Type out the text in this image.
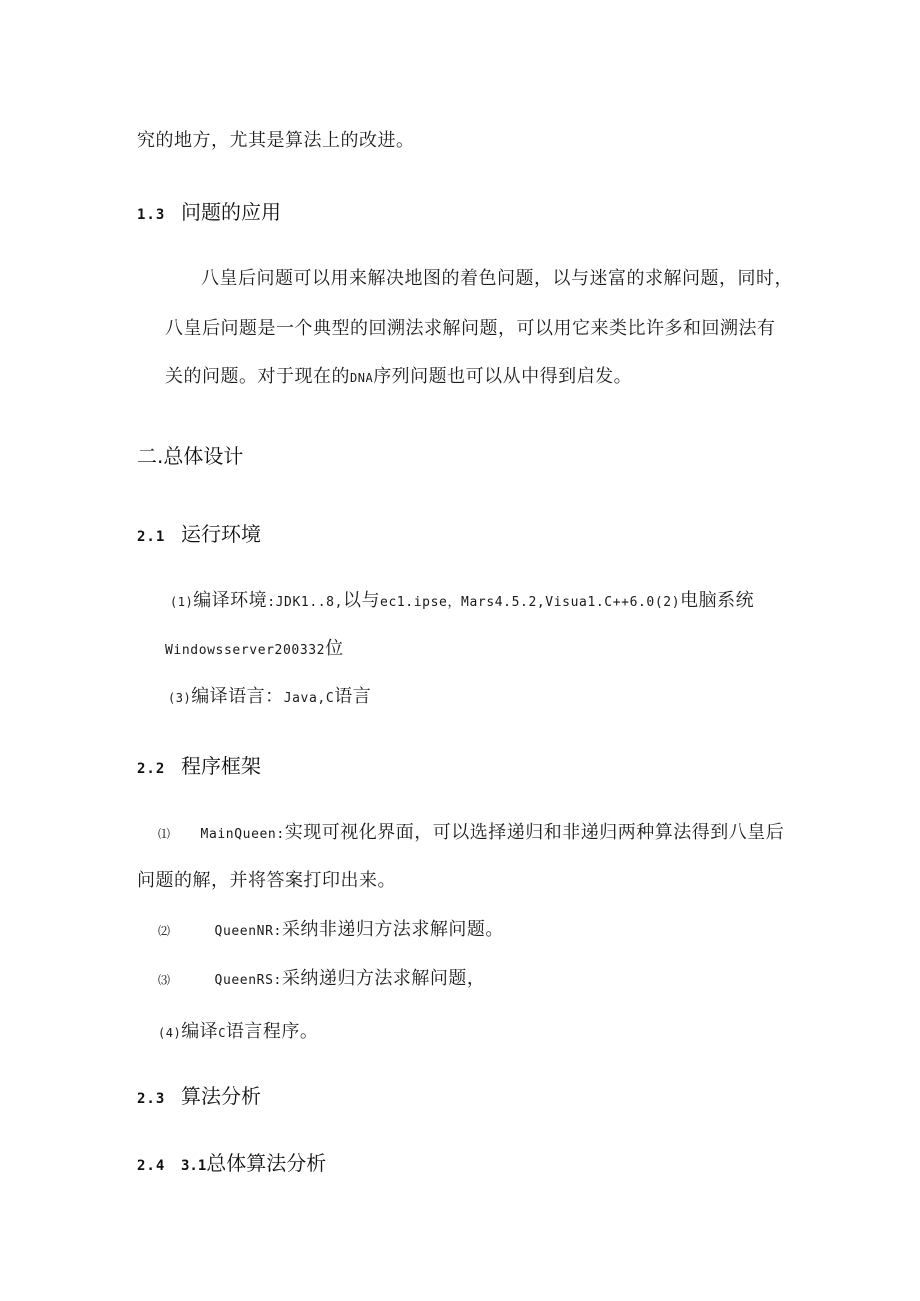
究的地方，尤其是算法上的改进。
1.3 问题的应用
八皇后问题可以用来解决地图的着色问题，以与迷富的求解问题，同时，
八皇后问题是一个典型的回溯法求解问题，可以用它来类比许多和回溯法有
关的问题。对于现在的DNA序列问题也可以从中得到启发。
二.总体设计
2.1 运行环境
(1)编译环境:JDK1..8,以与ec1.ipse，Mars4.5.2,Visua1.C++6.0(2)电脑系统
Windowsserver200332位
(3)编译语言：Java,C语言
2.2 程序框架
⑴ MainQueen:实现可视化界面，可以选择递归和非递归两种算法得到八皇后
问题的解，并将答案打印出来。
⑵	QueenNR:采纳非递归方法求解问题。
⑶	QueenRS:采纳递归方法求解问题，
(4)编译C语言程序。
2.3 算法分析
2.4 3.1总体算法分析
